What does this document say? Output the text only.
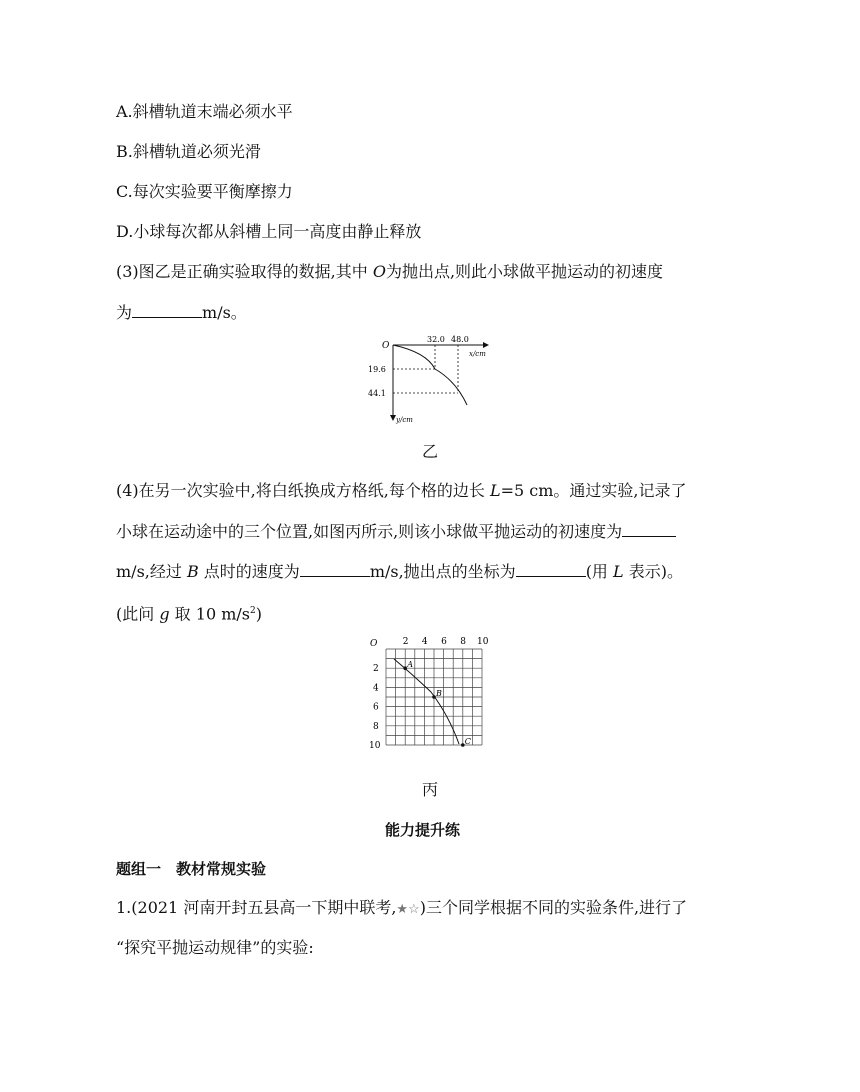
A.斜槽轨道末端必须水平
B.斜槽轨道必须光滑
C.每次实验要平衡摩擦力
D.小球每次都从斜槽上同一高度由静止释放
(3)图乙是正确实验取得的数据,其中 O为抛出点,则此小球做平抛运动的初速度
为	m/s。
O
32.0 48.0
x/cm
19.6
44.1
y/cm
乙
(4)在另一次实验中,将白纸换成方格纸,每个格的边长 L=5 cm。通过实验,记录了
小球在运动途中的三个位置,如图丙所示,则该小球做平抛运动的初速度为
m/s,经过 B 点时的速度为	m/s,抛出点的坐标为	(用 L 表示)。
(此问 g 取 10 $m/s^2$)
2 4 6 8 10
2
4
6
8
10
A
B
C
O
丙
能力提升练
题组一　教材常规实验
1.(2021 河南开封五县高一下期中联考,★☆)三个同学根据不同的实验条件,进行了
“探究平抛运动规律”的实验:
